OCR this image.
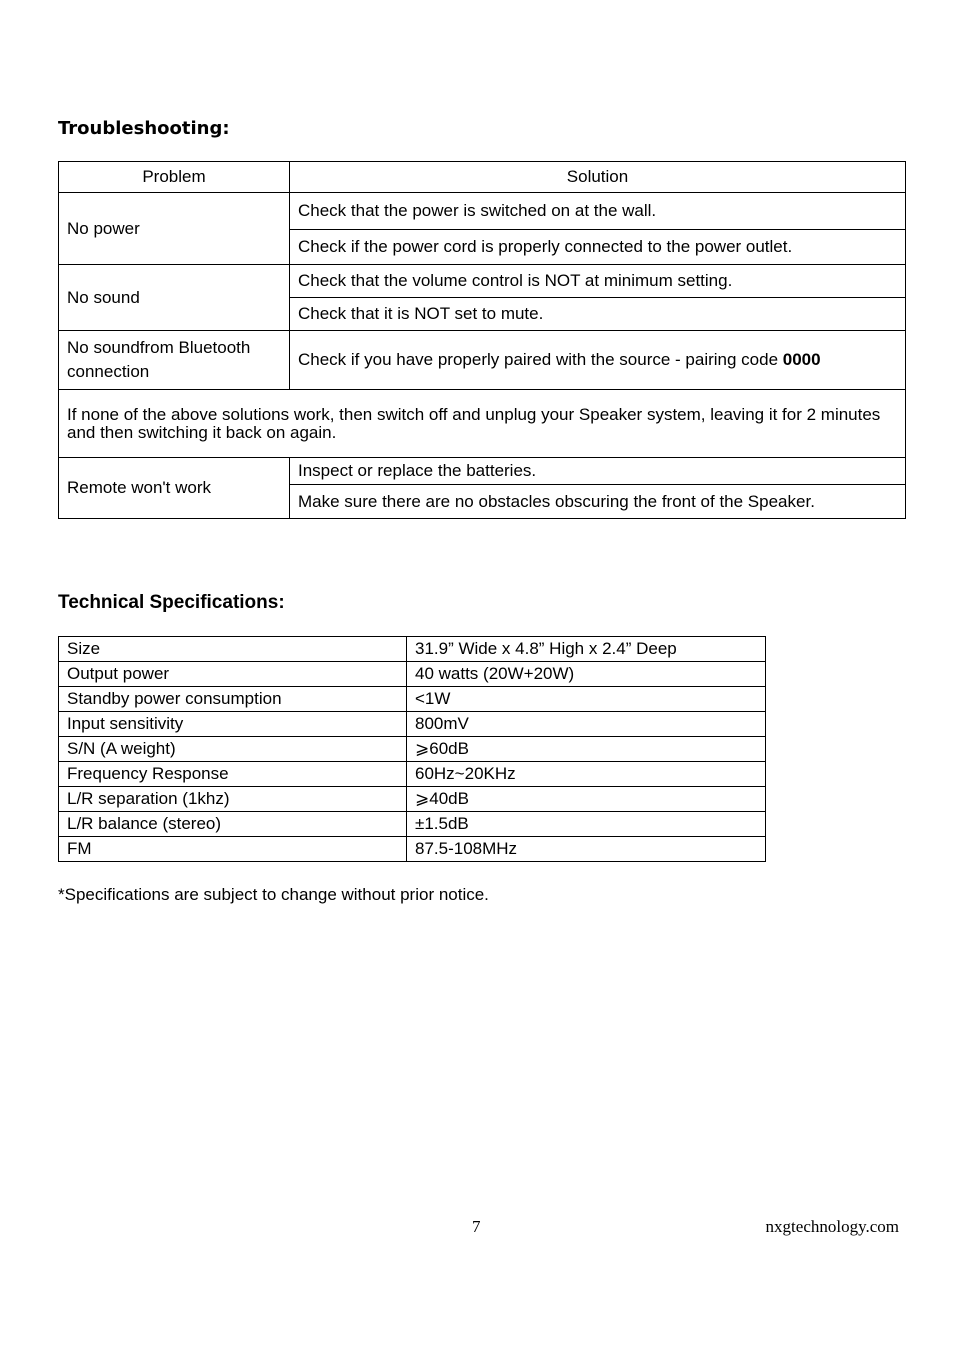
Troubleshooting:
Problem	Solution
No power	Check that the power is switched on at the wall.
	Check if the power cord is properly connected to the power outlet.
No sound	Check that the volume control is NOT at minimum setting.
	Check that it is NOT set to mute.
No soundfrom Bluetooth connection	Check if you have properly paired with the source - pairing code 0000
If none of the above solutions work, then switch off and unplug your Speaker system, leaving it for 2 minutes and then switching it back on again.	
Remote won't work	Inspect or replace the batteries.
	Make sure there are no obstacles obscuring the front of the Speaker.
Technical Specifications:
Size	31.9” Wide x 4.8” High x 2.4” Deep
Output power	40 watts (20W+20W)
Standby power consumption	<1W
Input sensitivity	800mV
S/N (A weight)	⩾60dB
Frequency Response	60Hz~20KHz
L/R separation (1khz)	⩾40dB
L/R balance (stereo)	±1.5dB
FM	87.5-108MHz
*Specifications are subject to change without prior notice.
7	nxgtechnology.com
